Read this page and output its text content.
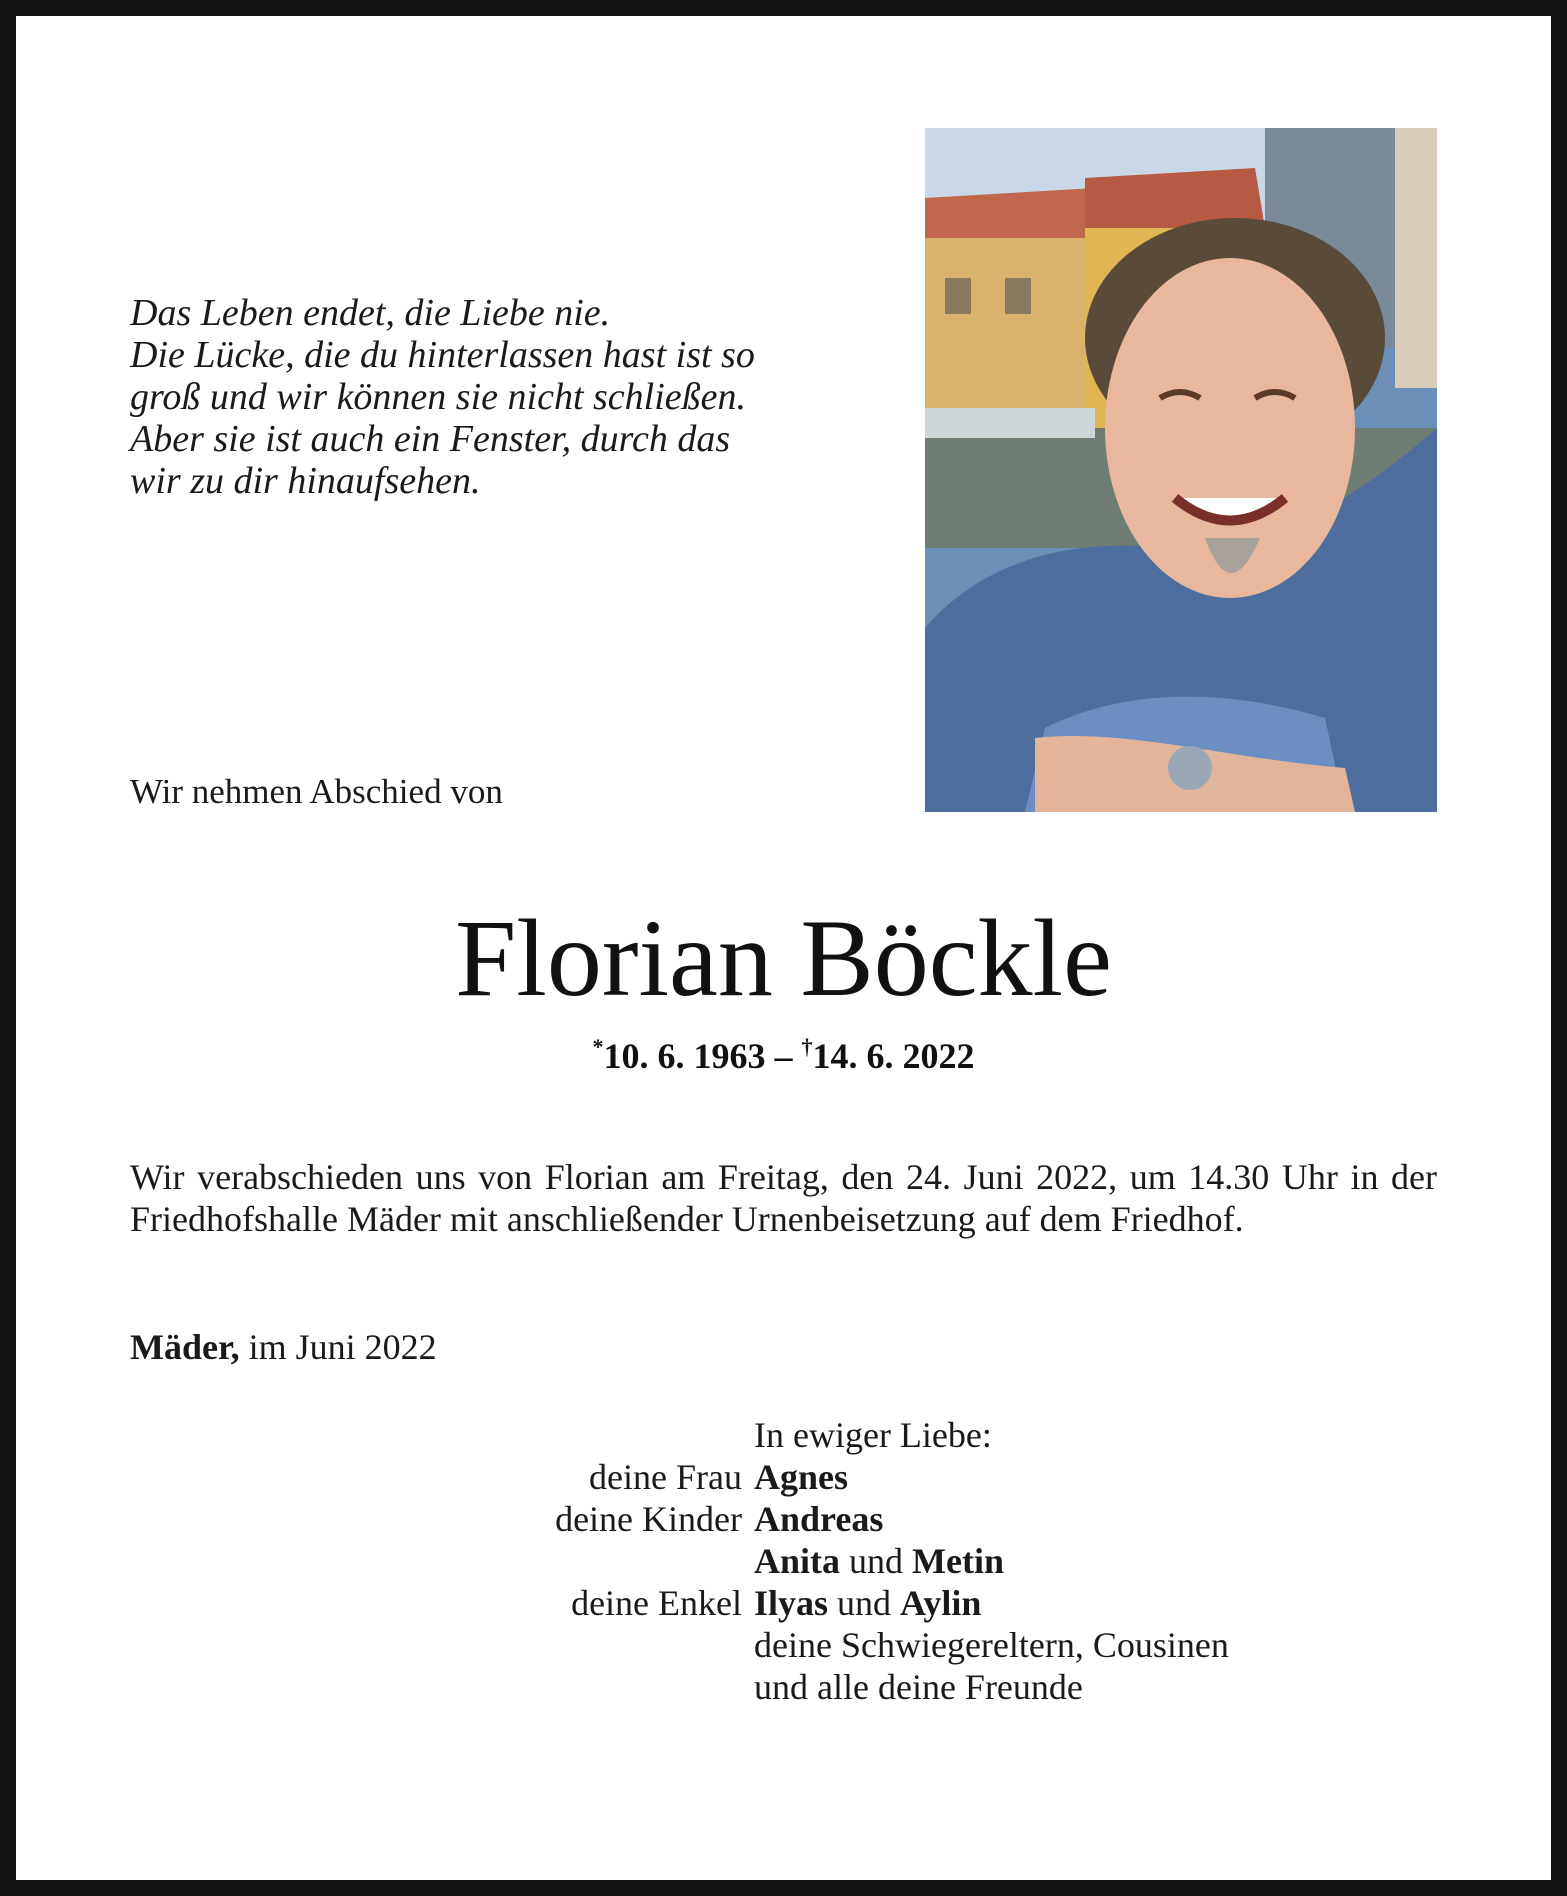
Das Leben endet, die Liebe nie.
Die Lücke, die du hinterlassen hast ist so
groß und wir können sie nicht schließen.
Aber sie ist auch ein Fenster, durch das
wir zu dir hinaufsehen.
Wir nehmen Abschied von
Florian Böckle
*10. 6. 1963 – †14. 6. 2022
Wir verabschieden uns von Florian am Freitag, den 24. Juni 2022, um 14.30 Uhr in der Friedhofshalle Mäder mit anschließender Urnenbeisetzung auf dem Friedhof.
Mäder, im Juni 2022
In ewiger Liebe:
deine Frau Agnes
deine Kinder Andreas
Anita und Metin
deine Enkel Ilyas und Aylin
deine Schwiegereltern, Cousinen
und alle deine Freunde
